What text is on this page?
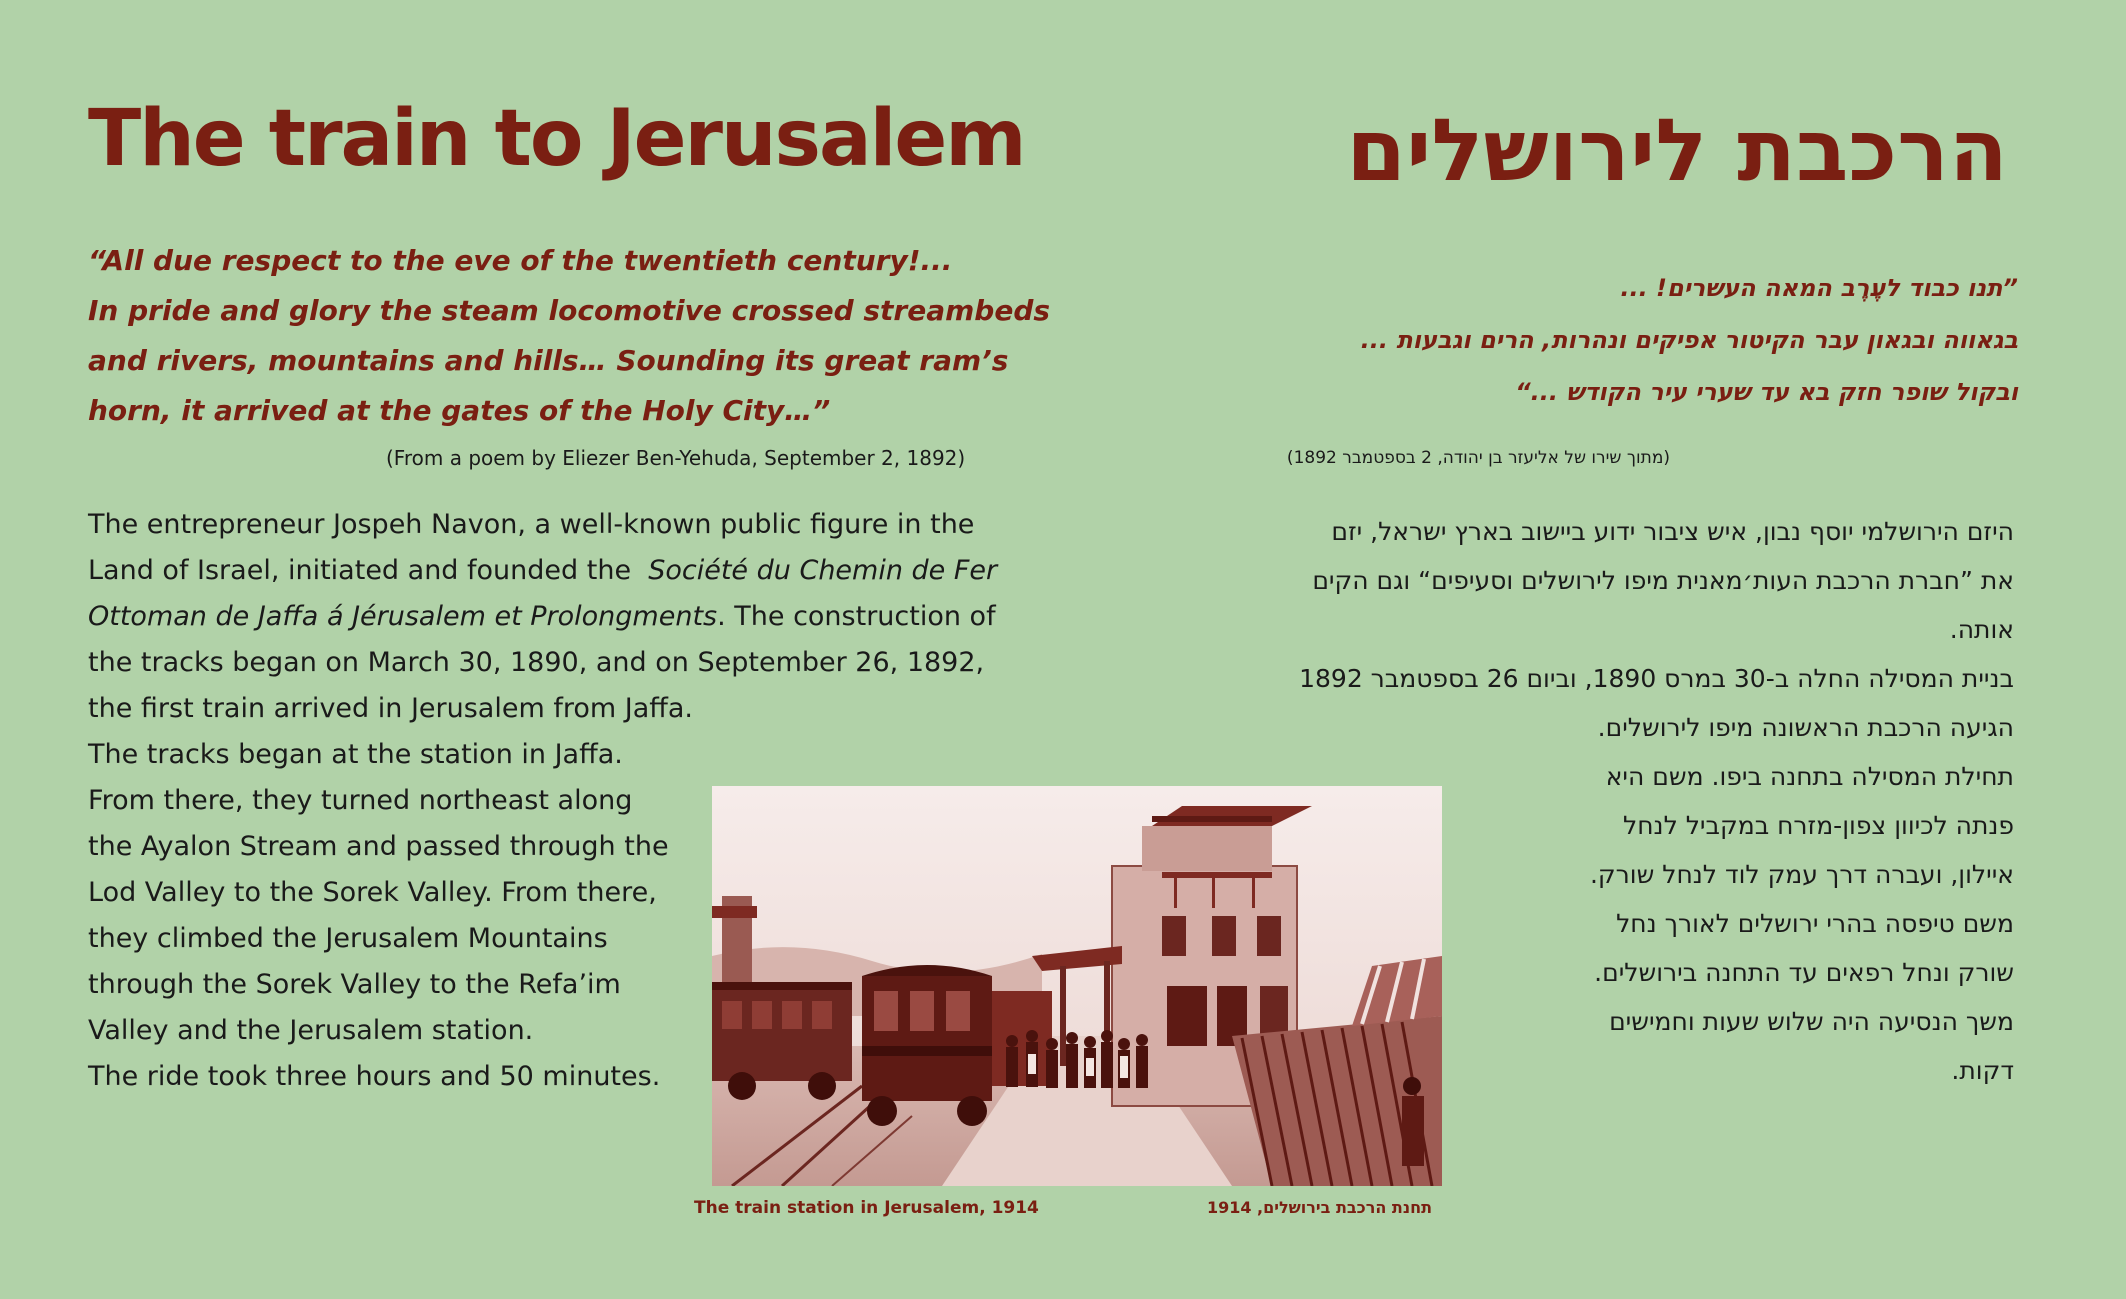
The train to Jerusalem	הרכבת לירושלים
“All due respect to the eve of the twentieth century!...
In pride and glory the steam locomotive crossed streambeds
and rivers, mountains and hills… Sounding its great ram’s
horn, it arrived at the gates of the Holy City…”
”תנו כבוד לעֶרֶב המאה העשרים! ...
בגאווה ובגאון עבר הקיטור אפיקים ונהרות, הרים וגבעות ...
ובקול שופר חזק בא עד שערי עיר הקודש ...“
(From a poem by Eliezer Ben-Yehuda, September 2, 1892)	(מתוך שירו של אליעזר בן יהודה, 2 בספטמבר 1892)
The entrepreneur Jospeh Navon, a well-known public figure in the
Land of Israel, initiated and founded the Société du Chemin de Fer
Ottoman de Jaffa á Jérusalem et Prolongments. The construction of
the tracks began on March 30, 1890, and on September 26, 1892,
the first train arrived in Jerusalem from Jaffa.
The tracks began at the station in Jaffa.
From there, they turned northeast along
the Ayalon Stream and passed through the
Lod Valley to the Sorek Valley. From there,
they climbed the Jerusalem Mountains
through the Sorek Valley to the Refa’im
Valley and the Jerusalem station.
The ride took three hours and 50 minutes.
היזם הירושלמי יוסף נבון, איש ציבור ידוע ביישוב בארץ ישראל, יזם
את ”חברת הרכבת העות׳מאנית מיפו לירושלים וסעיפים“ וגם הקים
אותה.
בניית המסילה החלה ב-30 במרס 1890, וביום 26 בספטמבר 1892
הגיעה הרכבת הראשונה מיפו לירושלים.
תחילת המסילה בתחנה ביפו. משם היא
פנתה לכיוון צפון-מזרח במקביל לנחל
איילון, ועברה דרך עמק לוד לנחל שורק.
משם טיפסה בהרי ירושלים לאורך נחל
שורק ונחל רפאים עד התחנה בירושלים.
משך הנסיעה היה שלוש שעות וחמישים
דקות.
The train station in Jerusalem, 1914	תחנת הרכבת בירושלים, 1914
